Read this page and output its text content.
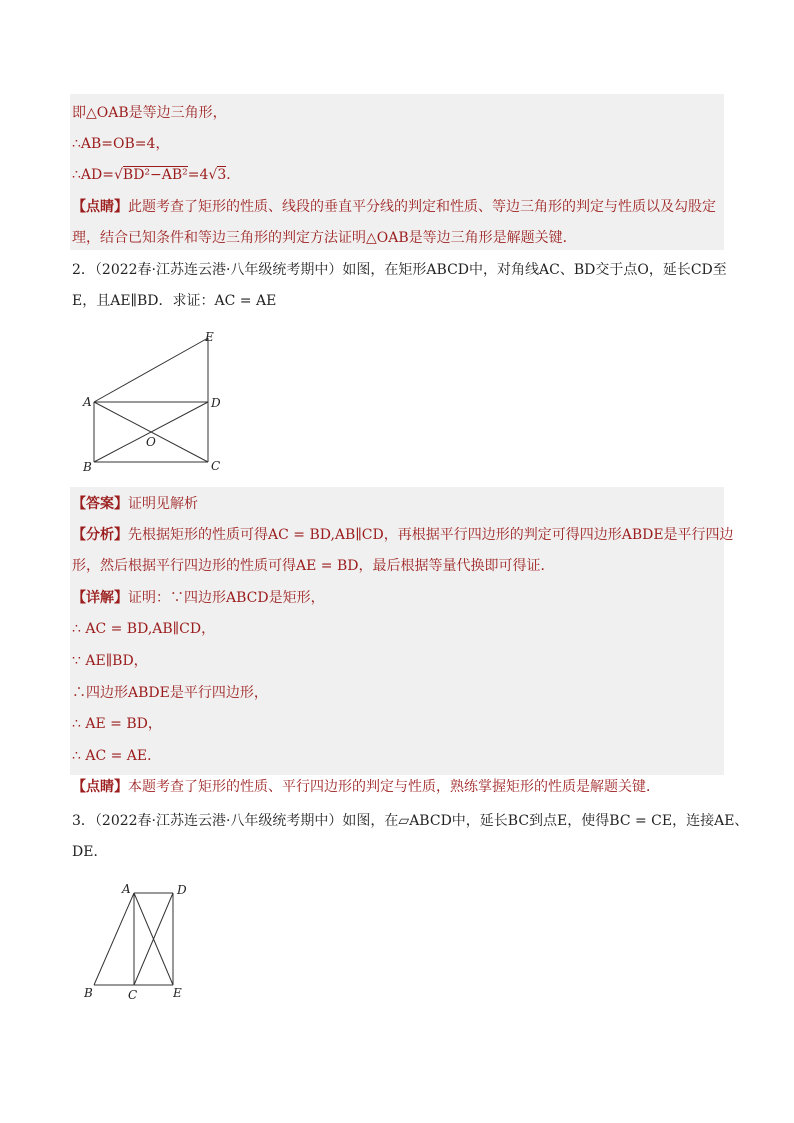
即△OAB是等边三角形，
∴AB=OB=4，
∴AD=√BD²−AB²=4√3．
【点睛】此题考查了矩形的性质、线段的垂直平分线的判定和性质、等边三角形的判定与性质以及勾股定
理，结合已知条件和等边三角形的判定方法证明△OAB是等边三角形是解题关键．
2．（2022春·江苏连云港·八年级统考期中）如图，在矩形ABCD中，对角线AC、BD交于点O，延长CD至
E，且AE∥BD．求证：AC = AE
A
B	C
D
E
O
【答案】证明见解析
【分析】先根据矩形的性质可得AC = BD,AB∥CD，再根据平行四边形的判定可得四边形ABDE是平行四边
形，然后根据平行四边形的性质可得AE = BD，最后根据等量代换即可得证．
【详解】证明：∵四边形ABCD是矩形，
∴ AC = BD,AB∥CD，
∵ AE∥BD，
∴四边形ABDE是平行四边形，
∴ AE = BD，
∴ AC = AE．
【点睛】本题考查了矩形的性质、平行四边形的判定与性质，熟练掌握矩形的性质是解题关键．
3．（2022春·江苏连云港·八年级统考期中）如图，在▱ABCD中，延长BC到点E，使得BC = CE，连接AE、
DE．
A	D
B	C	E
